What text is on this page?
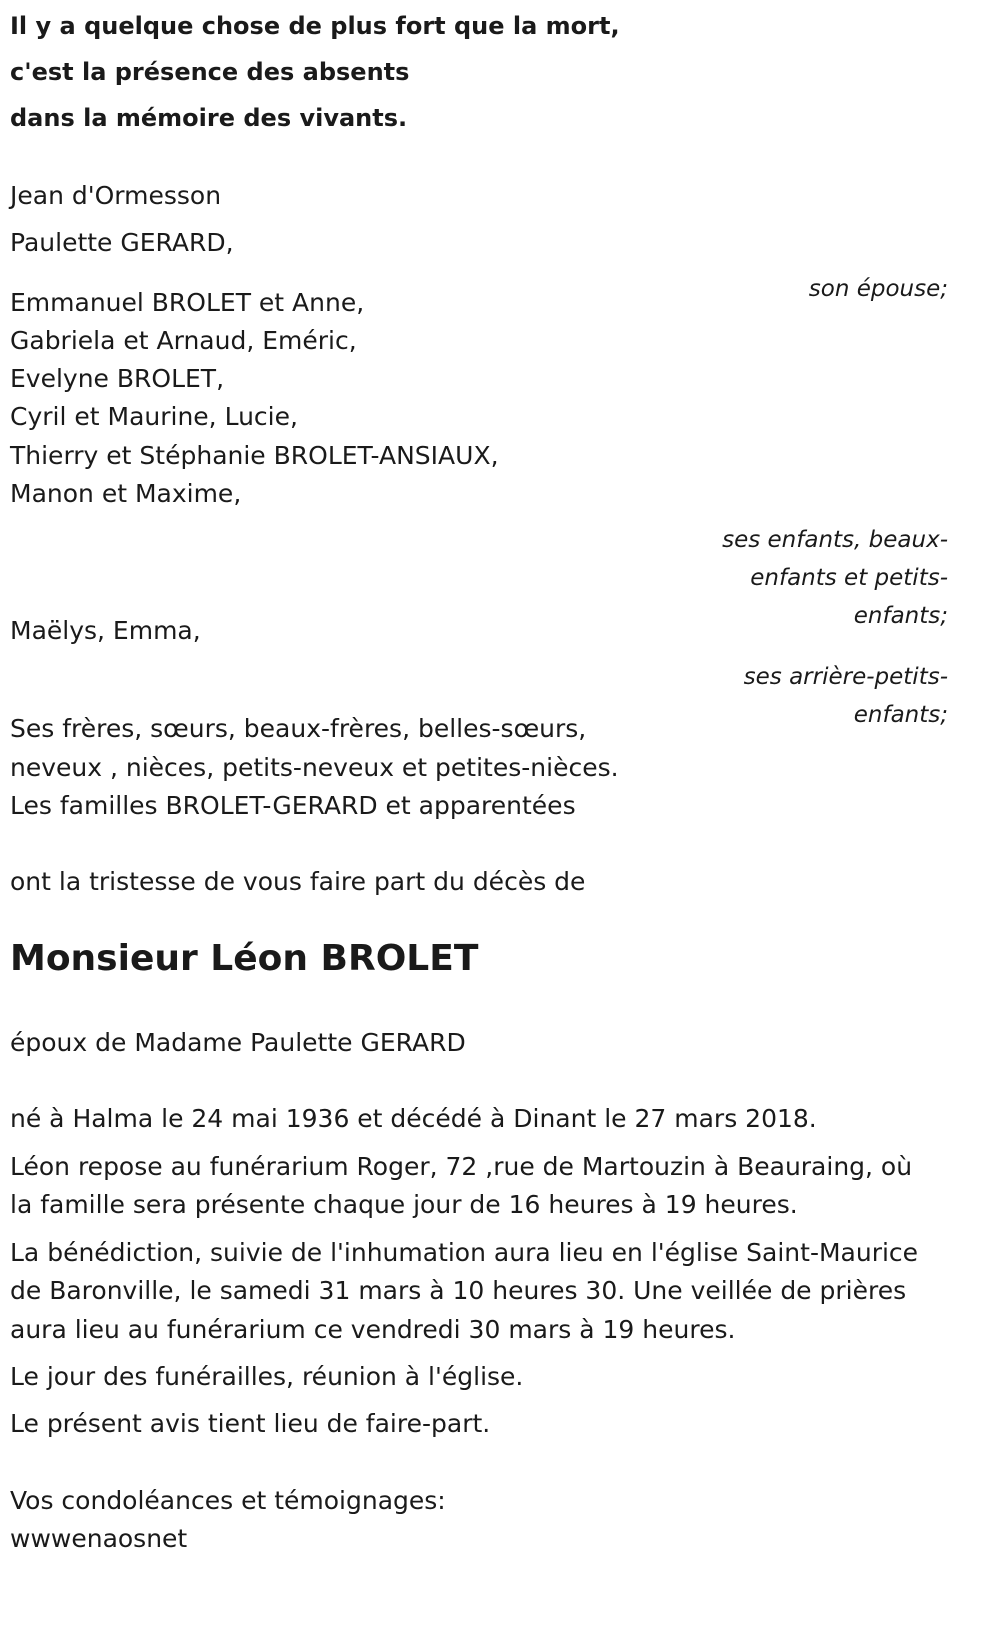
Il y a quelque chose de plus fort que la mort,

c'est la présence des absents

dans la mémoire des vivants.

Jean d'Ormesson

Paulette GERARD,

son épouse;

Emmanuel BROLET et Anne,

Gabriela et Arnaud, Eméric,

Evelyne BROLET,

Cyril et Maurine, Lucie,

Thierry et Stéphanie BROLET-ANSIAUX,

Manon et Maxime,

ses enfants, beaux-

enfants et petits-

enfants;

Maëlys, Emma,

ses arrière-petits-

enfants;

Ses frères, sœurs, beaux-frères, belles-sœurs,

neveux , nièces, petits-neveux et petites-nièces.

Les familles BROLET-GERARD et apparentées

ont la tristesse de vous faire part du décès de

Monsieur Léon BROLET

époux de Madame Paulette GERARD

né à Halma le 24 mai 1936 et décédé à Dinant le 27 mars 2018.

Léon repose au funérarium Roger, 72 ,rue de Martouzin à Beauraing, où

la famille sera présente chaque jour de 16 heures à 19 heures.

La bénédiction, suivie de l'inhumation aura lieu en l'église Saint-Maurice

de Baronville, le samedi 31 mars à 10 heures 30. Une veillée de prières

aura lieu au funérarium ce vendredi 30 mars à 19 heures.

Le jour des funérailles, réunion à l'église.

Le présent avis tient lieu de faire-part.

Vos condoléances et témoignages:

wwwenaosnet
